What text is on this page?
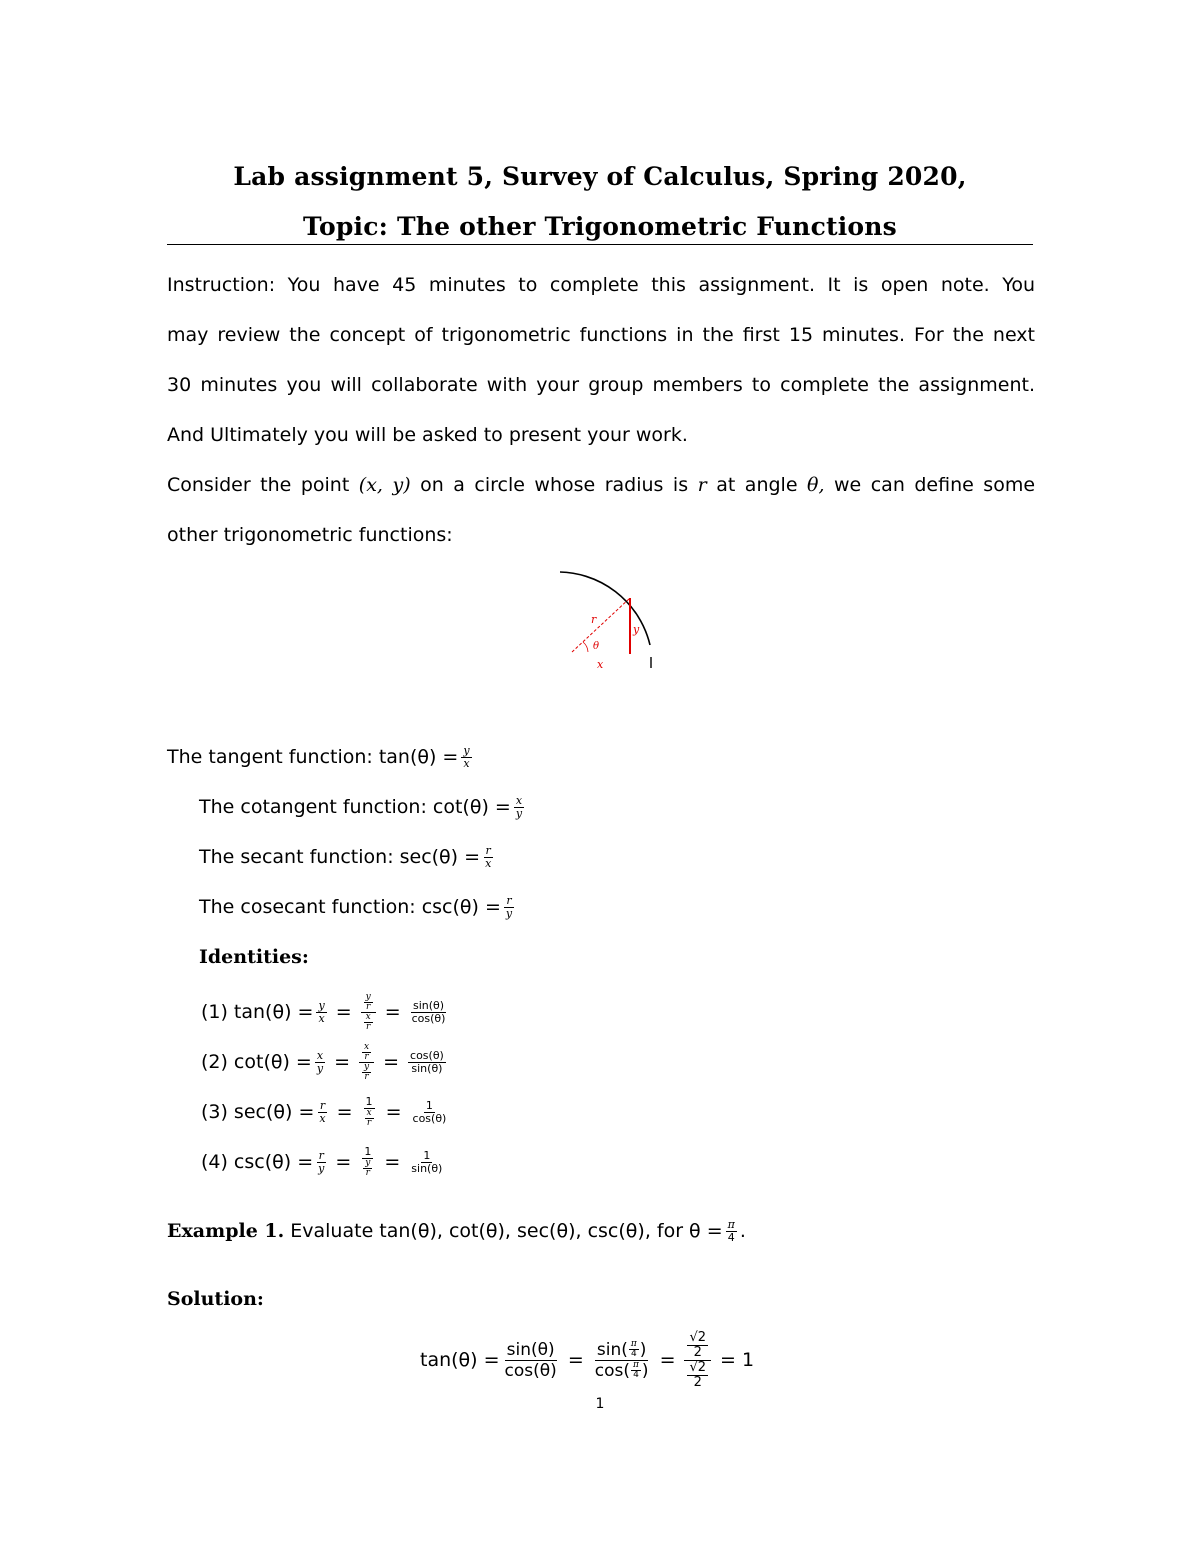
Lab assignment 5, Survey of Calculus, Spring 2020,
Topic: The other Trigonometric Functions
Instruction: You have 45 minutes to complete this assignment. It is open note. You
may review the concept of trigonometric functions in the first 15 minutes. For the next
30 minutes you will collaborate with your group members to complete the assignment.
And Ultimately you will be asked to present your work.
Consider the point (x, y) on a circle whose radius is r at angle θ, we can define some
other trigonometric functions:
r
y
θ
x
The tangent function: $\tan(\theta) = \frac{y}{x}$
The cotangent function: $\cot(\theta) = \frac{x}{y}$
The secant function: $\sec(\theta) = \frac{r}{x}$
The cosecant function: $\csc(\theta) = \frac{r}{y}$
Identities:
(1) $\tan(\theta) = \frac{y}{x} = \frac{\frac{y}{r}}{\frac{x}{r}} = \frac{\sin(\theta)}{\cos(\theta)}$
(2) $\cot(\theta) = \frac{x}{y} = \frac{\frac{x}{r}}{\frac{y}{r}} = \frac{\cos(\theta)}{\sin(\theta)}$
(3) $\sec(\theta) = \frac{r}{x} = \frac{1}{\frac{x}{r}} = \frac{1}{\cos(\theta)}$
(4) $\csc(\theta) = \frac{r}{y} = \frac{1}{\frac{y}{r}} = \frac{1}{\sin(\theta)}$
Example 1. Evaluate tan(θ), cot(θ), sec(θ), csc(θ), for $\theta = \frac{\pi}{4}$ .
Solution:
$\tan(\theta) = \frac{\sin(\theta)}{\cos(\theta)} = \frac{\sin( \frac{\pi}{4} )}{\cos( \frac{\pi}{4} )} = \frac{\frac{√2}{2}}{\frac{√2}{2}} = 1$
1
